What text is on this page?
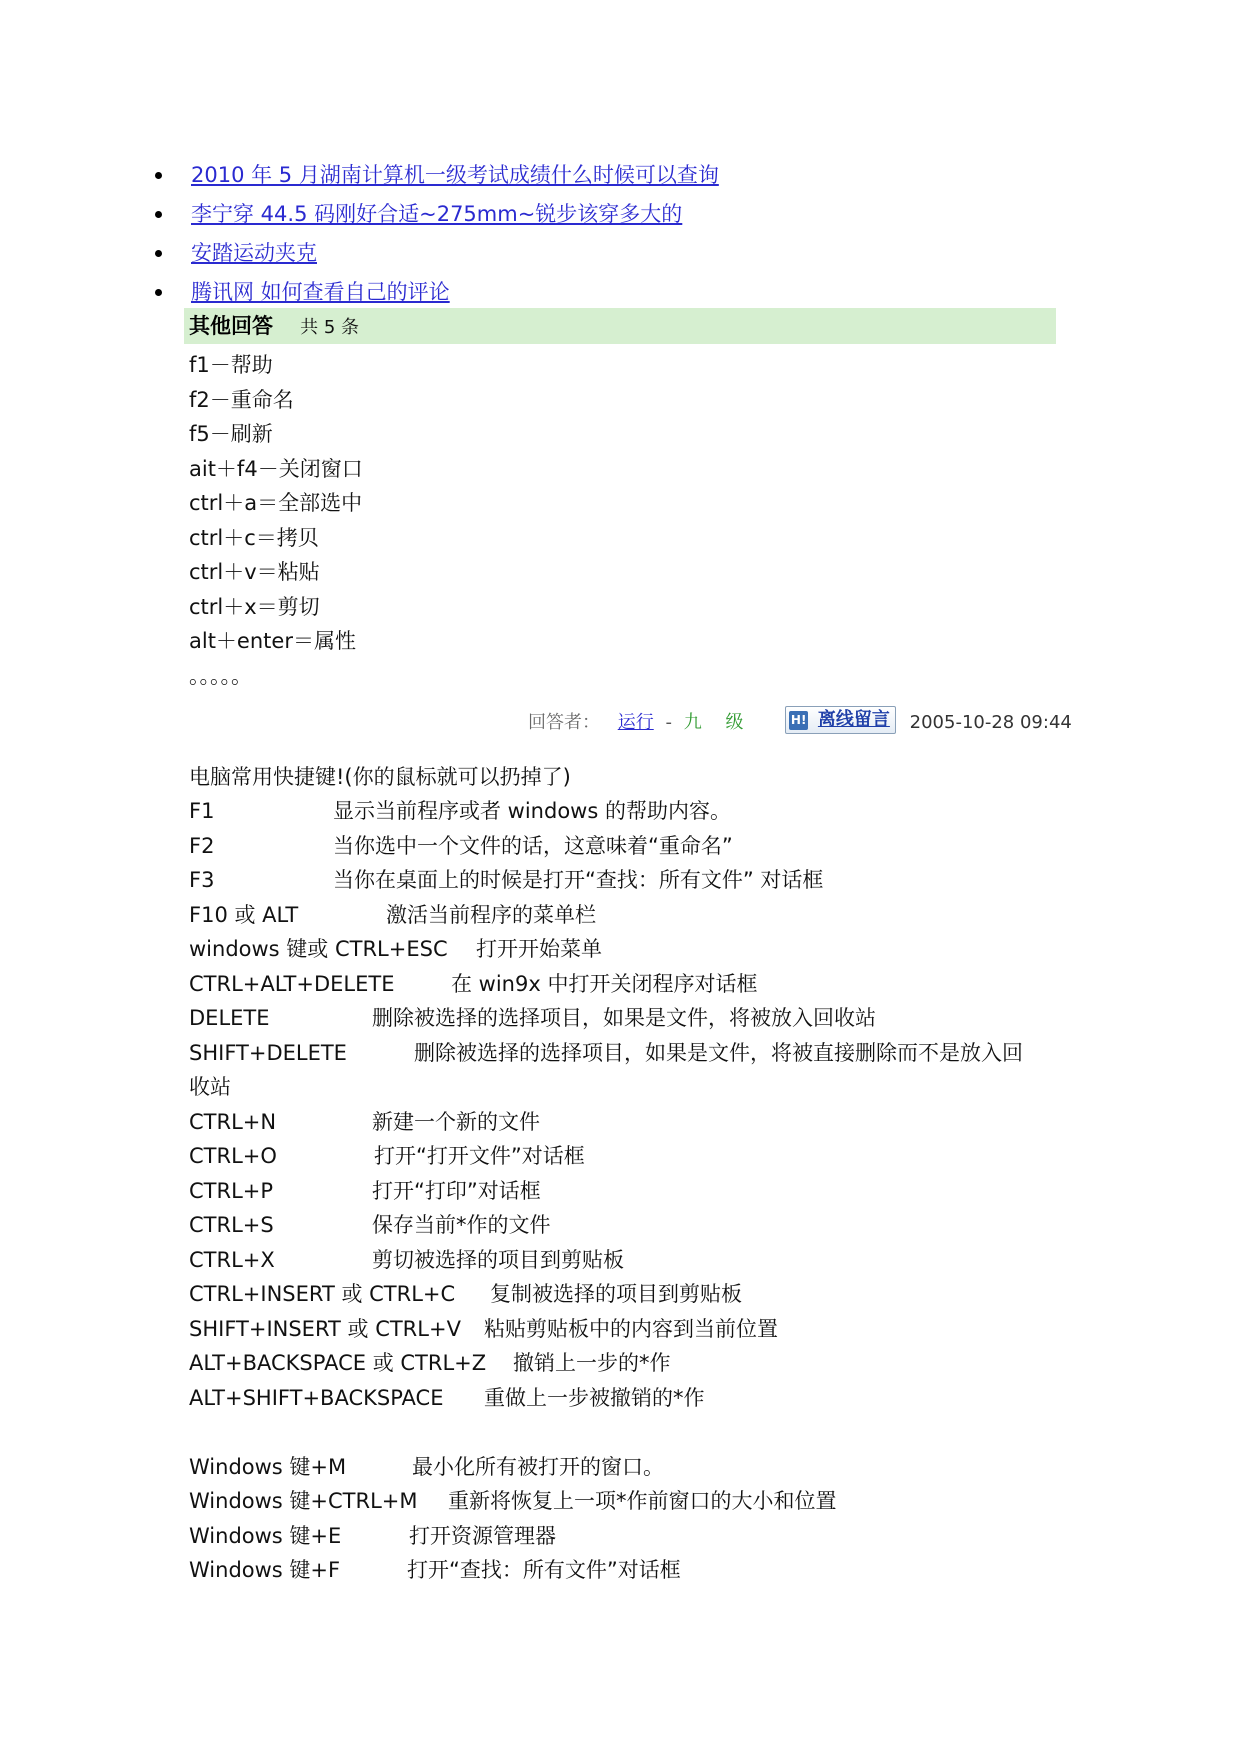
2010 年 5 月湖南计算机一级考试成绩什么时候可以查询
李宁穿 44.5 码刚好合适~275mm~锐步该穿多大的
安踏运动夹克
腾讯网 如何查看自己的评论
其他回答 共 5 条
f1－帮助
f2－重命名
f5－刷新
ait＋f4－关闭窗口
ctrl＋a＝全部选中
ctrl＋c＝拷贝
ctrl＋v＝粘贴
ctrl＋x＝剪切
alt＋enter＝属性
。。。。。
回答者： 运行 - 九 级	H! 离线留言 2005-10-28 09:44
电脑常用快捷键!(你的鼠标就可以扔掉了)
F1	显示当前程序或者 windows 的帮助内容。
F2	当你选中一个文件的话，这意味着“重命名”
F3	当你在桌面上的时候是打开“查找：所有文件” 对话框
F10 或 ALT	激活当前程序的菜单栏
windows 键或 CTRL+ESC 打开开始菜单
CTRL+ALT+DELETE	在 win9x 中打开关闭程序对话框
DELETE	删除被选择的选择项目，如果是文件，将被放入回收站
SHIFT+DELETE	删除被选择的选择项目，如果是文件，将被直接删除而不是放入回
收站
CTRL+N	新建一个新的文件
CTRL+O	打开“打开文件”对话框
CTRL+P	打开“打印”对话框
CTRL+S	保存当前*作的文件
CTRL+X	剪切被选择的项目到剪贴板
CTRL+INSERT 或 CTRL+C 复制被选择的项目到剪贴板
SHIFT+INSERT 或 CTRL+V 粘贴剪贴板中的内容到当前位置
ALT+BACKSPACE 或 CTRL+Z 撤销上一步的*作
ALT+SHIFT+BACKSPACE 重做上一步被撤销的*作
Windows 键+M	最小化所有被打开的窗口。
Windows 键+CTRL+M 重新将恢复上一项*作前窗口的大小和位置
Windows 键+E	打开资源管理器
Windows 键+F	打开“查找：所有文件”对话框
